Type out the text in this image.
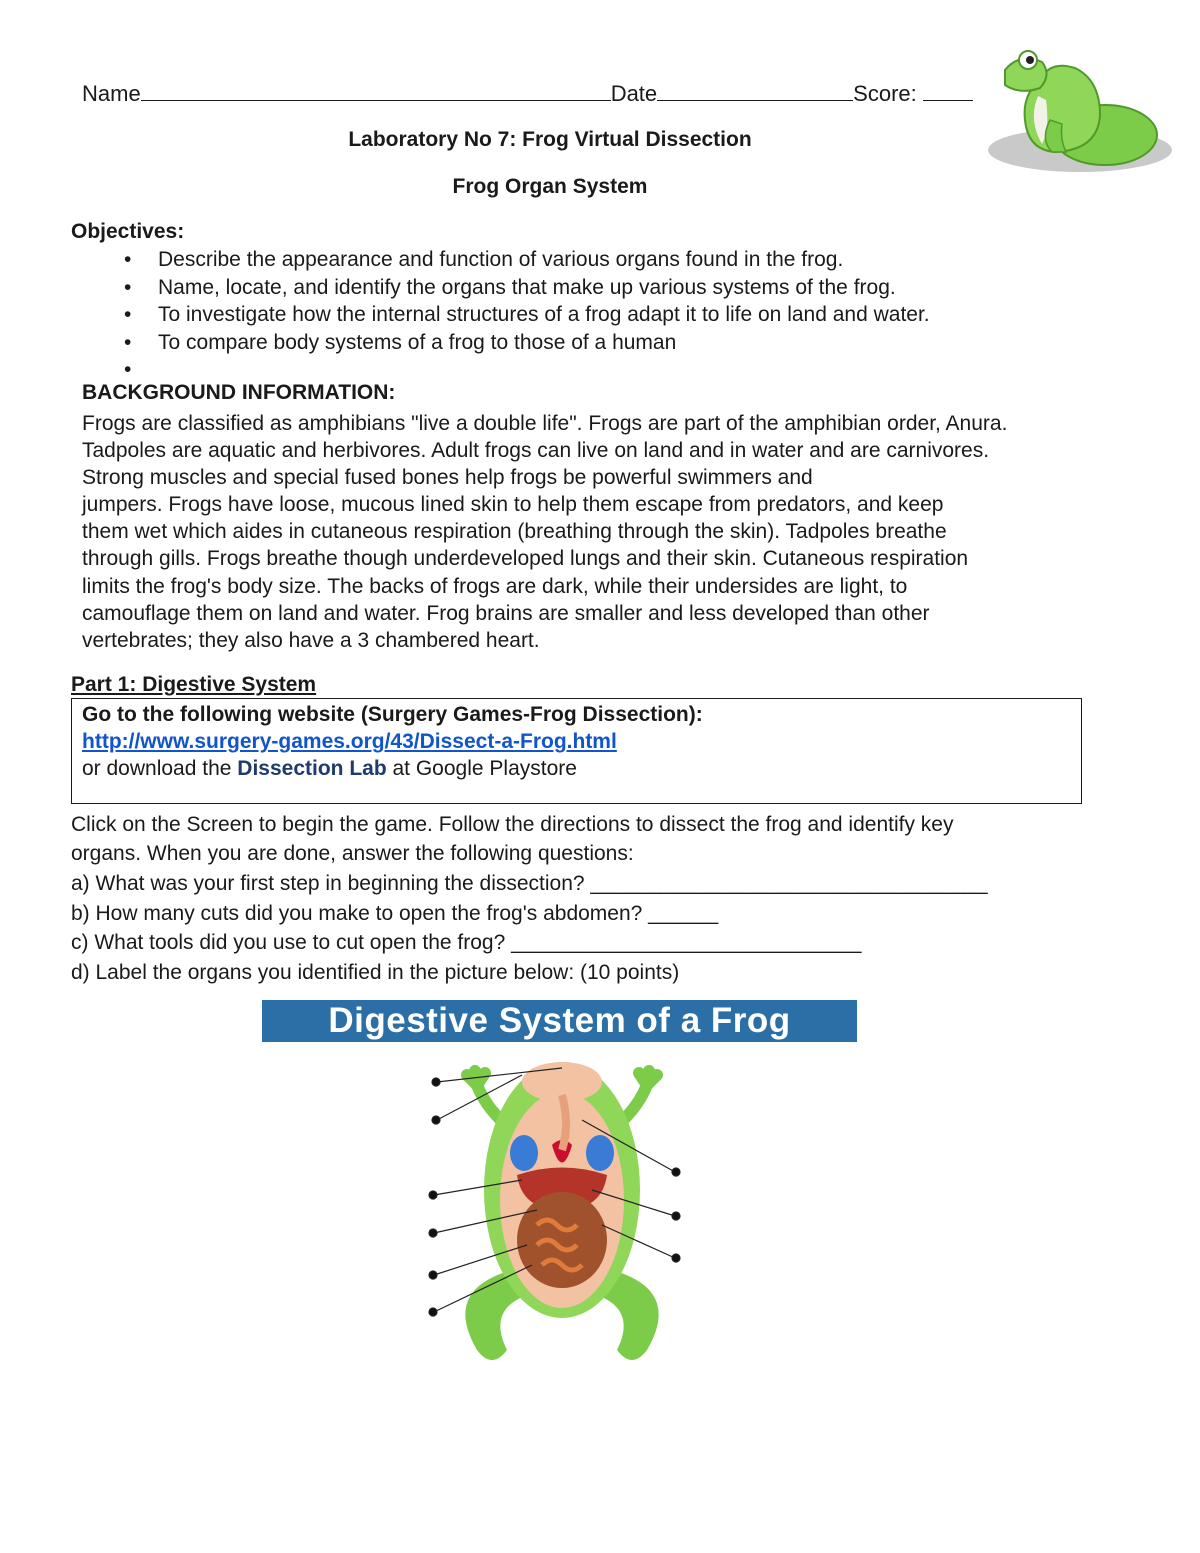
Name	Date	Score:
Laboratory No 7: Frog Virtual Dissection
Frog Organ System
Objectives:
• Describe the appearance and function of various organs found in the frog.
• Name, locate, and identify the organs that make up various systems of the frog.
• To investigate how the internal structures of a frog adapt it to life on land and water.
• To compare body systems of a frog to those of a human
•
BACKGROUND INFORMATION:
Frogs are classified as amphibians "live a double life". Frogs are part of the amphibian order, Anura.
Tadpoles are aquatic and herbivores. Adult frogs can live on land and in water and are carnivores.
Strong muscles and special fused bones help frogs be powerful swimmers and
jumpers. Frogs have loose, mucous lined skin to help them escape from predators, and keep
them wet which aides in cutaneous respiration (breathing through the skin). Tadpoles breathe
through gills. Frogs breathe though underdeveloped lungs and their skin. Cutaneous respiration
limits the frog's body size. The backs of frogs are dark, while their undersides are light, to
camouflage them on land and water. Frog brains are smaller and less developed than other
vertebrates; they also have a 3 chambered heart.
Part 1: Digestive System
Go to the following website (Surgery Games-Frog Dissection):
http://www.surgery-games.org/43/Dissect-a-Frog.html
or download the Dissection Lab at Google Playstore
Click on the Screen to begin the game. Follow the directions to dissect the frog and identify key
organs. When you are done, answer the following questions:
a) What was your first step in beginning the dissection? __________________________________
b) How many cuts did you make to open the frog's abdomen? ______
c) What tools did you use to cut open the frog? ______________________________
d) Label the organs you identified in the picture below: (10 points)
Digestive System of a Frog
